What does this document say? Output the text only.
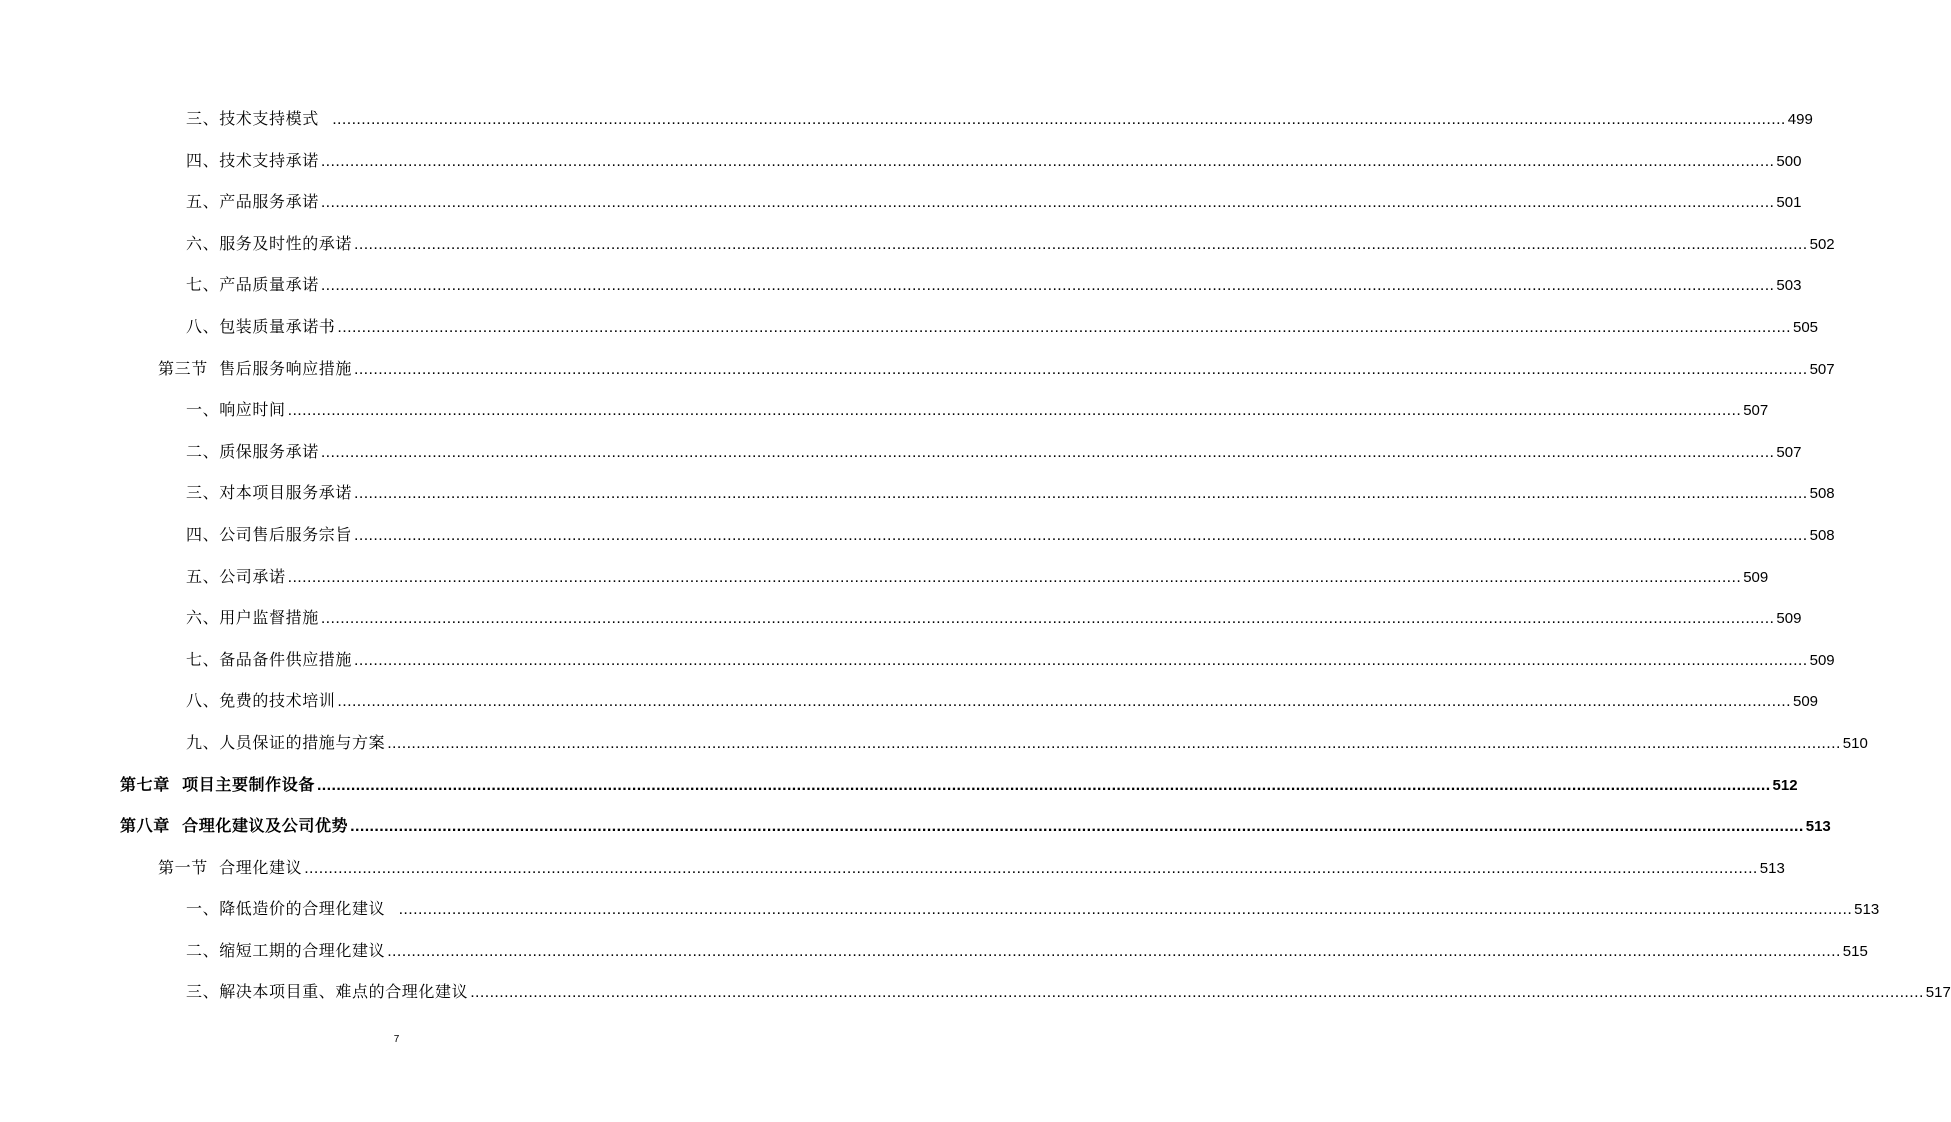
三、技术支持模式 ............................................................................................................................................................................................................................................................................................................ 499
四、技术支持承诺 ............................................................................................................................................................................................................................................................................................................ 500
五、产品服务承诺 ............................................................................................................................................................................................................................................................................................................ 501
六、服务及时性的承诺 ............................................................................................................................................................................................................................................................................................................ 502
七、产品质量承诺 ............................................................................................................................................................................................................................................................................................................ 503
八、包装质量承诺书 ............................................................................................................................................................................................................................................................................................................ 505
第三节  售后服务响应措施 ............................................................................................................................................................................................................................................................................................................ 507
一、响应时间 ............................................................................................................................................................................................................................................................................................................ 507
二、质保服务承诺 ............................................................................................................................................................................................................................................................................................................ 507
三、对本项目服务承诺 ............................................................................................................................................................................................................................................................................................................ 508
四、公司售后服务宗旨 ............................................................................................................................................................................................................................................................................................................ 508
五、公司承诺 ............................................................................................................................................................................................................................................................................................................ 509
六、用户监督措施 ............................................................................................................................................................................................................................................................................................................ 509
七、备品备件供应措施 ............................................................................................................................................................................................................................................................................................................ 509
八、免费的技术培训 ............................................................................................................................................................................................................................................................................................................ 509
九、人员保证的措施与方案 ............................................................................................................................................................................................................................................................................................................ 510
第七章  项目主要制作设备 ............................................................................................................................................................................................................................................................................................................ 512
第八章  合理化建议及公司优势 ............................................................................................................................................................................................................................................................................................................ 513
第一节  合理化建议 ............................................................................................................................................................................................................................................................................................................ 513
一、降低造价的合理化建议 ............................................................................................................................................................................................................................................................................................................ 513
二、缩短工期的合理化建议 ............................................................................................................................................................................................................................................................................................................ 515
三、解决本项目重、难点的合理化建议 ............................................................................................................................................................................................................................................................................................................ 517
7
